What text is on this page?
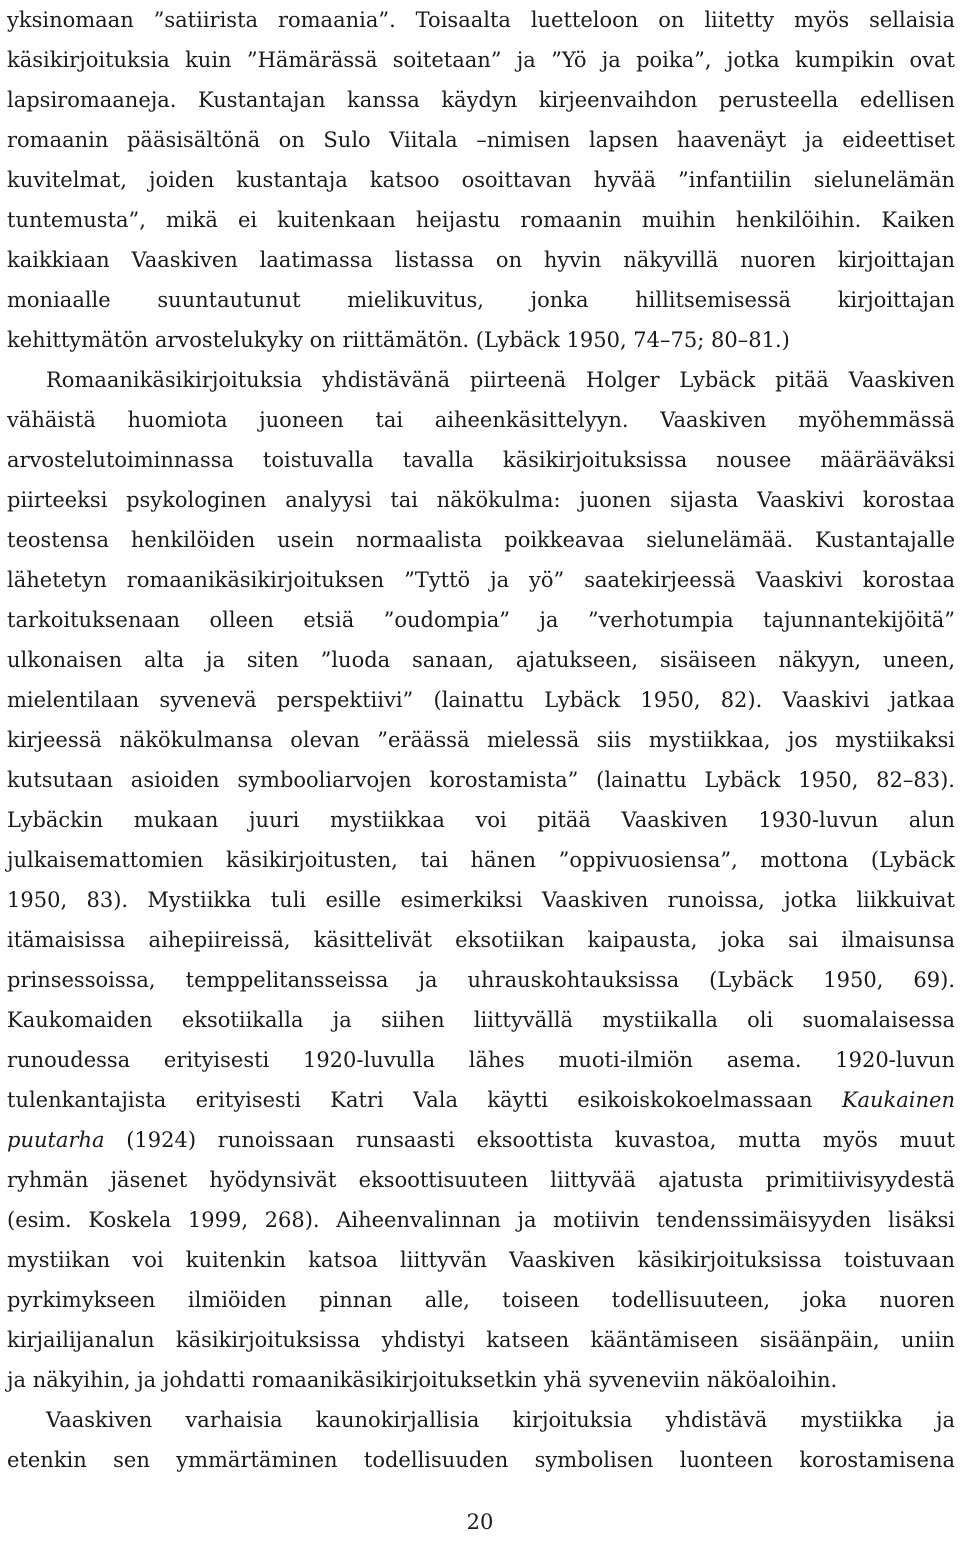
yksinomaan ”satiirista romaania”. Toisaalta luetteloon on liitetty myös sellaisia
käsikirjoituksia kuin ”Hämärässä soitetaan” ja ”Yö ja poika”, jotka kumpikin ovat
lapsiromaaneja. Kustantajan kanssa käydyn kirjeenvaihdon perusteella edellisen
romaanin pääsisältönä on Sulo Viitala –nimisen lapsen haavenäyt ja eideettiset
kuvitelmat, joiden kustantaja katsoo osoittavan hyvää ”infantiilin sielunelämän
tuntemusta”, mikä ei kuitenkaan heijastu romaanin muihin henkilöihin. Kaiken
kaikkiaan Vaaskiven laatimassa listassa on hyvin näkyvillä nuoren kirjoittajan
moniaalle suuntautunut mielikuvitus, jonka hillitsemisessä kirjoittajan
kehittymätön arvostelukyky on riittämätön. (Lybäck 1950, 74–75; 80–81.)
Romaanikäsikirjoituksia yhdistävänä piirteenä Holger Lybäck pitää Vaaskiven
vähäistä huomiota juoneen tai aiheenkäsittelyyn. Vaaskiven myöhemmässä
arvostelutoiminnassa toistuvalla tavalla käsikirjoituksissa nousee määrääväksi
piirteeksi psykologinen analyysi tai näkökulma: juonen sijasta Vaaskivi korostaa
teostensa henkilöiden usein normaalista poikkeavaa sielunelämää. Kustantajalle
lähetetyn romaanikäsikirjoituksen ”Tyttö ja yö” saatekirjeessä Vaaskivi korostaa
tarkoituksenaan olleen etsiä ”oudompia” ja ”verhotumpia tajunnantekijöitä”
ulkonaisen alta ja siten ”luoda sanaan, ajatukseen, sisäiseen näkyyn, uneen,
mielentilaan syvenevä perspektiivi” (lainattu Lybäck 1950, 82). Vaaskivi jatkaa
kirjeessä näkökulmansa olevan ”eräässä mielessä siis mystiikkaa, jos mystiikaksi
kutsutaan asioiden symbooliarvojen korostamista” (lainattu Lybäck 1950, 82–83).
Lybäckin mukaan juuri mystiikkaa voi pitää Vaaskiven 1930-luvun alun
julkaisemattomien käsikirjoitusten, tai hänen ”oppivuosiensa”, mottona (Lybäck
1950, 83). Mystiikka tuli esille esimerkiksi Vaaskiven runoissa, jotka liikkuivat
itämaisissa aihepiireissä, käsittelivät eksotiikan kaipausta, joka sai ilmaisunsa
prinsessoissa, temppelitansseissa ja uhrauskohtauksissa (Lybäck 1950, 69).
Kaukomaiden eksotiikalla ja siihen liittyvällä mystiikalla oli suomalaisessa
runoudessa erityisesti 1920-luvulla lähes muoti-ilmiön asema. 1920-luvun
tulenkantajista erityisesti Katri Vala käytti esikoiskokoelmassaan Kaukainen
puutarha (1924) runoissaan runsaasti eksoottista kuvastoa, mutta myös muut
ryhmän jäsenet hyödynsivät eksoottisuuteen liittyvää ajatusta primitiivisyydestä
(esim. Koskela 1999, 268). Aiheenvalinnan ja motiivin tendenssimäisyyden lisäksi
mystiikan voi kuitenkin katsoa liittyvän Vaaskiven käsikirjoituksissa toistuvaan
pyrkimykseen ilmiöiden pinnan alle, toiseen todellisuuteen, joka nuoren
kirjailijanalun käsikirjoituksissa yhdistyi katseen kääntämiseen sisäänpäin, uniin
ja näkyihin, ja johdatti romaanikäsikirjoituksetkin yhä syveneviin näköaloihin.
Vaaskiven varhaisia kaunokirjallisia kirjoituksia yhdistävä mystiikka ja
etenkin sen ymmärtäminen todellisuuden symbolisen luonteen korostamisena
20
